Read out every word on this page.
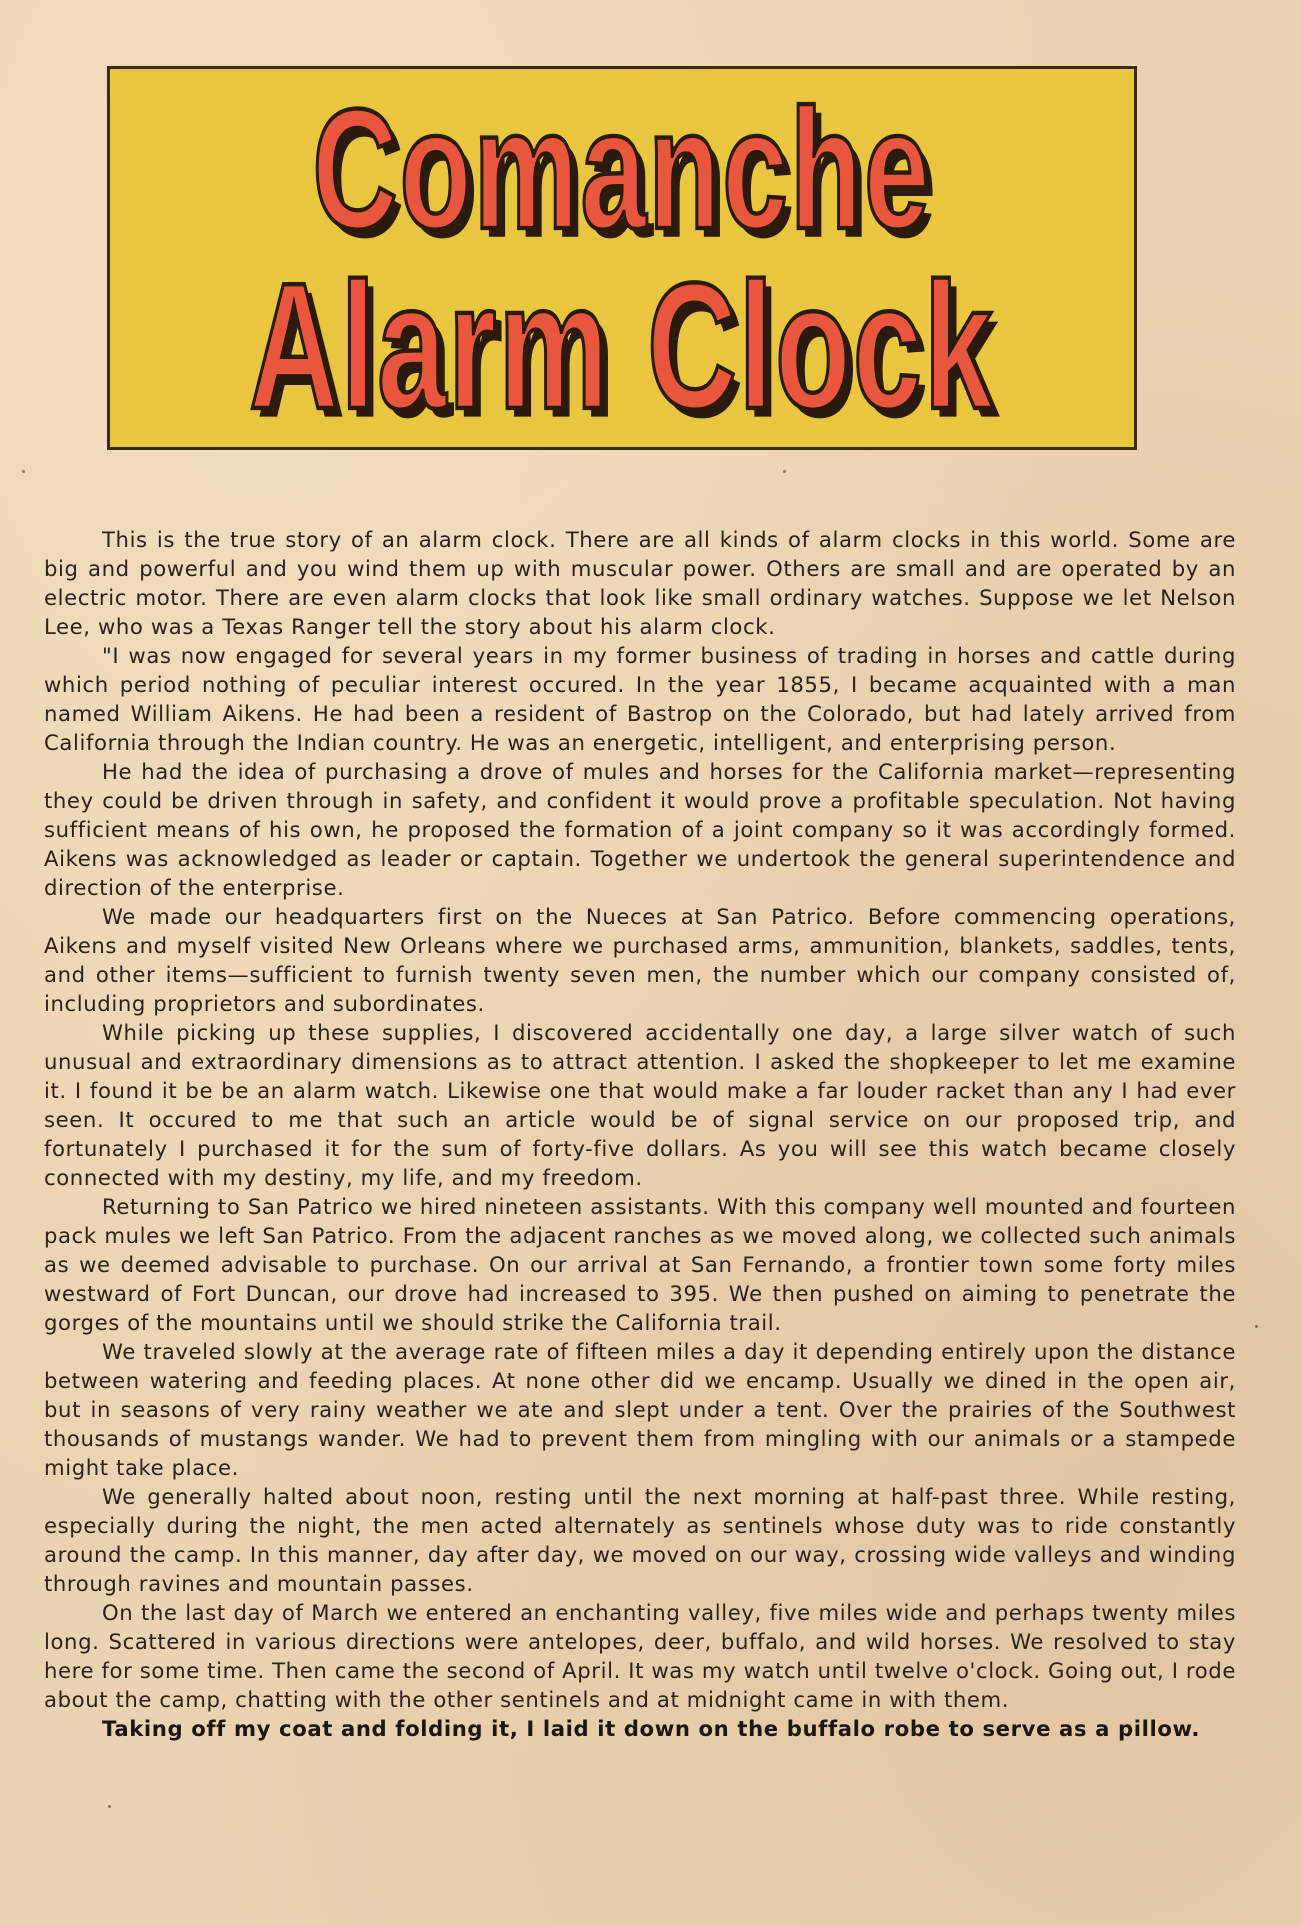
Comanche
Alarm Clock

This is the true story of an alarm clock. There are all kinds of alarm clocks in this world. Some are big and powerful and you wind them up with muscular power. Others are small and are operated by an electric motor. There are even alarm clocks that look like small ordinary watches. Suppose we let Nelson Lee, who was a Texas Ranger tell the story about his alarm clock.

"I was now engaged for several years in my former business of trading in horses and cattle during which period nothing of peculiar interest occured. In the year 1855, I became acquainted with a man named William Aikens. He had been a resident of Bastrop on the Colorado, but had lately arrived from California through the Indian country. He was an energetic, intelligent, and enterprising person.

He had the idea of purchasing a drove of mules and horses for the California market—representing they could be driven through in safety, and confident it would prove a profitable speculation. Not having sufficient means of his own, he proposed the formation of a joint company so it was accordingly formed. Aikens was acknowledged as leader or captain. Together we undertook the general superintendence and direction of the enterprise.

We made our headquarters first on the Nueces at San Patrico. Before commencing operations, Aikens and myself visited New Orleans where we purchased arms, ammunition, blankets, saddles, tents, and other items—sufficient to furnish twenty seven men, the number which our company consisted of, including proprietors and subordinates.

While picking up these supplies, I discovered accidentally one day, a large silver watch of such unusual and extraordinary dimensions as to attract attention. I asked the shopkeeper to let me examine it. I found it be be an alarm watch. Likewise one that would make a far louder racket than any I had ever seen. It occured to me that such an article would be of signal service on our proposed trip, and fortunately I purchased it for the sum of forty-five dollars. As you will see this watch became closely connected with my destiny, my life, and my freedom.

Returning to San Patrico we hired nineteen assistants. With this company well mounted and fourteen pack mules we left San Patrico. From the adjacent ranches as we moved along, we collected such animals as we deemed advisable to purchase. On our arrival at San Fernando, a frontier town some forty miles westward of Fort Duncan, our drove had increased to 395. We then pushed on aiming to penetrate the gorges of the mountains until we should strike the California trail.

We traveled slowly at the average rate of fifteen miles a day it depending entirely upon the distance between watering and feeding places. At none other did we encamp. Usually we dined in the open air, but in seasons of very rainy weather we ate and slept under a tent. Over the prairies of the Southwest thousands of mustangs wander. We had to prevent them from mingling with our animals or a stampede might take place.

We generally halted about noon, resting until the next morning at half-past three. While resting, especially during the night, the men acted alternately as sentinels whose duty was to ride constantly around the camp. In this manner, day after day, we moved on our way, crossing wide valleys and winding through ravines and mountain passes.

On the last day of March we entered an enchanting valley, five miles wide and perhaps twenty miles long. Scattered in various directions were antelopes, deer, buffalo, and wild horses. We resolved to stay here for some time. Then came the second of April. It was my watch until twelve o'clock. Going out, I rode about the camp, chatting with the other sentinels and at midnight came in with them.

Taking off my coat and folding it, I laid it down on the buffalo robe to serve as a pillow.
